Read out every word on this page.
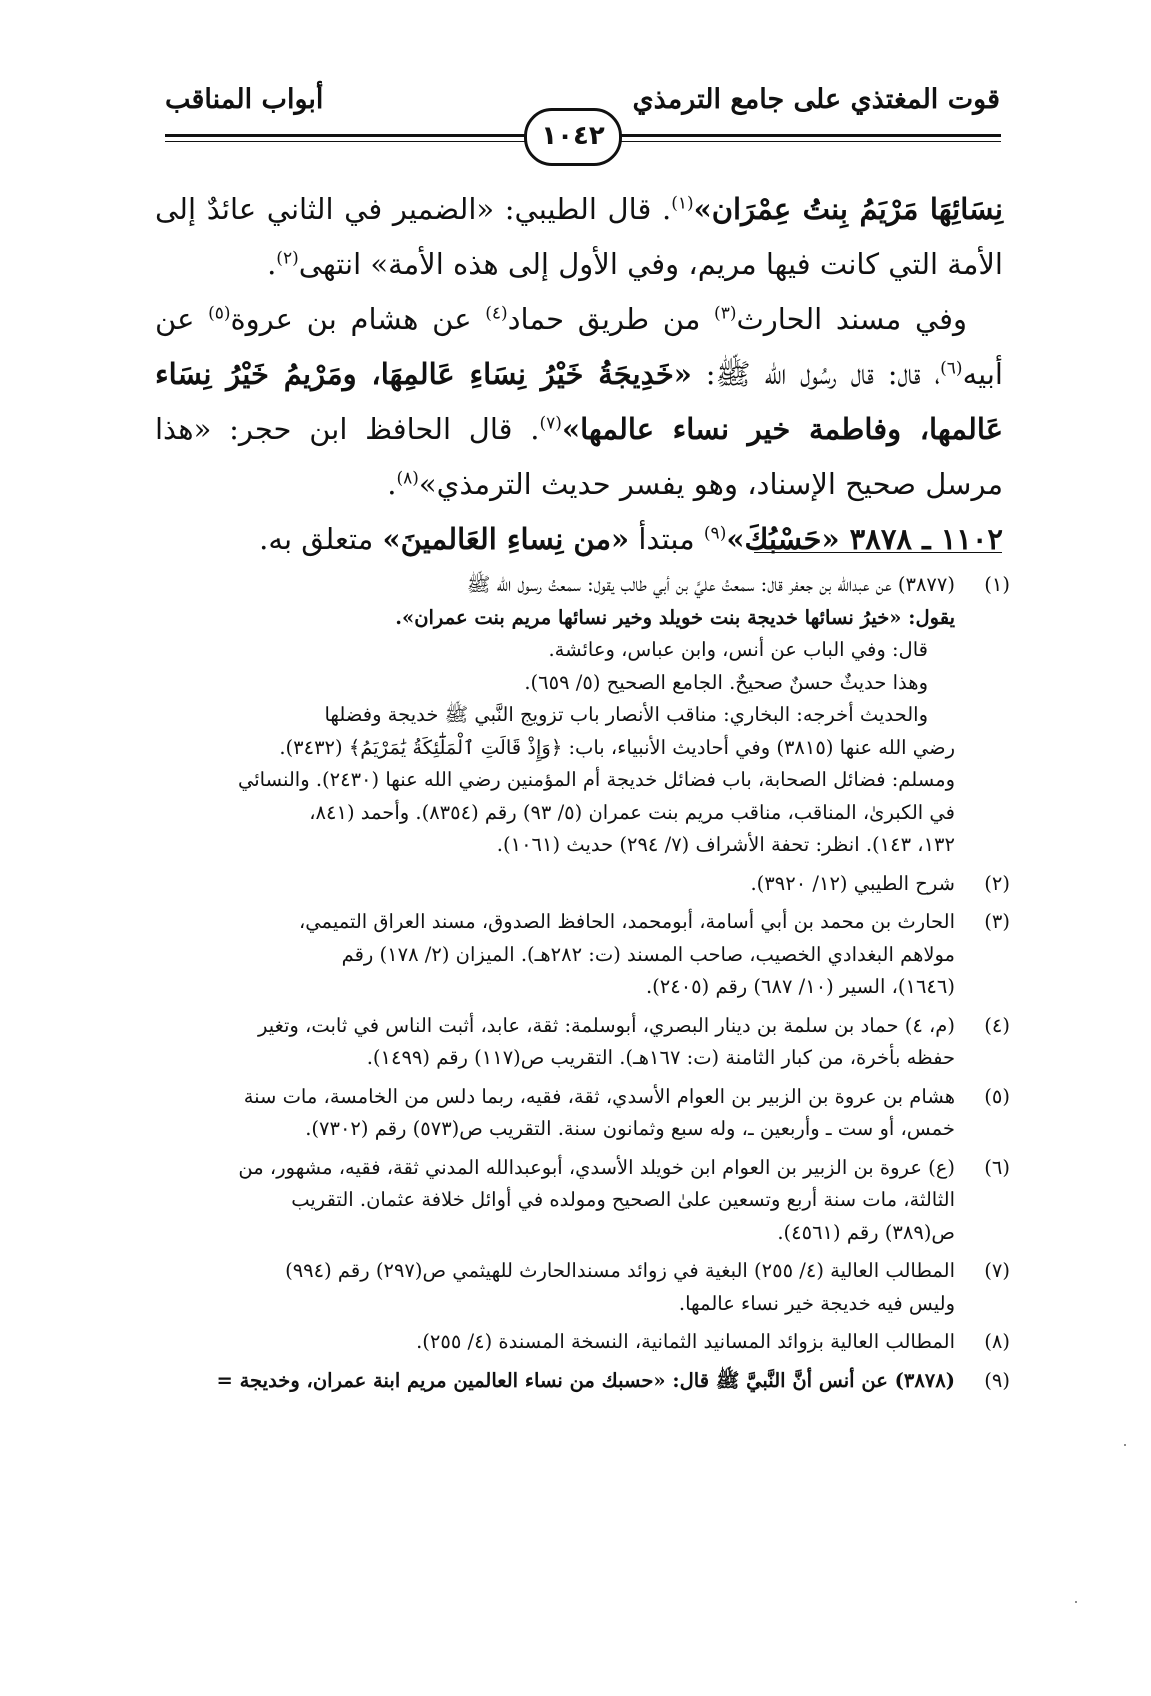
قوت المغتذي على جامع الترمذي
أبواب المناقب
١٠٤٢

نِسَائِهَا مَرْيَمُ بِنتُ عِمْرَان»$^{(١)}$. قال الطيبي: «الضمير في الثاني عائدٌ إلى الأمة التي كانت فيها مريم، وفي الأول إلى هذه الأمة» انتهى$^{(٢)}$.

وفي مسند الحارث$^{(٣)}$ من طريق حماد$^{(٤)}$ عن هشام بن عروة$^{(٥)}$ عن أبيه$^{(٦)}$، قال: قال رسُول الله ﷺ: «خَدِيجَةُ خَيْرُ نِسَاءِ عَالمِهَا، ومَرْيمُ خَيْرُ نِسَاء عَالمها، وفاطمة خير نساء عالمها»$^{(٧)}$. قال الحافظ ابن حجر: «هذا مرسل صحيح الإسناد، وهو يفسر حديث الترمذي»$^{(٨)}$.

١١٠٢ ـ ٣٨٧٨ «حَسْبُكَ»$^{(٩)}$ مبتدأ «من نِساءِ العَالمينَ» متعلق به.

(١)
(٣٨٧٧) عن عبدالله بن جعفر قال: سمعتُ عليَّ بن أبي طالب يقول: سمعتُ رسول الله ﷺ
يقول: «خيرُ نسائها خديجة بنت خويلد وخير نسائها مريم بنت عمران».
قال: وفي الباب عن أنس، وابن عباس، وعائشة.
وهذا حديثٌ حسنٌ صحيحٌ. الجامع الصحيح (٥/ ٦٥٩).
والحديث أخرجه: البخاري: مناقب الأنصار باب تزويج النَّبي ﷺ خديجة وفضلها
رضي الله عنها (٣٨١٥) وفي أحاديث الأنبياء، باب: ﴿وَإِذْ قَالَتِ ٱلْمَلَٰٓئِكَةُ يَٰمَرْيَمُ﴾ (٣٤٣٢).
ومسلم: فضائل الصحابة، باب فضائل خديجة أم المؤمنين رضي الله عنها (٢٤٣٠). والنسائي
في الكبرىٰ، المناقب، مناقب مريم بنت عمران (٥/ ٩٣) رقم (٨٣٥٤). وأحمد (٨٤١،
١٣٢، ١٤٣). انظر: تحفة الأشراف (٧/ ٢٩٤) حديث (١٠٦١).
(٢)
شرح الطيبي (١٢/ ٣٩٢٠).
(٣)
الحارث بن محمد بن أبي أسامة، أبومحمد، الحافظ الصدوق، مسند العراق التميمي،
مولاهم البغدادي الخصيب، صاحب المسند (ت: ٢٨٢هـ). الميزان (٢/ ١٧٨) رقم
(١٦٤٦)، السير (١٠/ ٦٨٧) رقم (٢٤٠٥).
(٤)
(م، ٤) حماد بن سلمة بن دينار البصري، أبوسلمة: ثقة، عابد، أثبت الناس في ثابت، وتغير
حفظه بأخرة، من كبار الثامنة (ت: ١٦٧هـ). التقريب ص(١١٧) رقم (١٤٩٩).
(٥)
هشام بن عروة بن الزبير بن العوام الأسدي، ثقة، فقيه، ربما دلس من الخامسة، مات سنة
خمس، أو ست ـ وأربعين ـ، وله سبع وثمانون سنة. التقريب ص(٥٧٣) رقم (٧٣٠٢).
(٦)
(ع) عروة بن الزبير بن العوام ابن خويلد الأسدي، أبوعبدالله المدني ثقة، فقيه، مشهور، من
الثالثة، مات سنة أربع وتسعين علىٰ الصحيح ومولده في أوائل خلافة عثمان. التقريب
ص(٣٨٩) رقم (٤٥٦١).
(٧)
المطالب العالية (٤/ ٢٥٥) البغية في زوائد مسندالحارث للهيثمي ص(٢٩٧) رقم (٩٩٤)
وليس فيه خديجة خير نساء عالمها.
(٨)
المطالب العالية بزوائد المسانيد الثمانية، النسخة المسندة (٤/ ٢٥٥).
(٩)
(٣٨٧٨) عن أنس أنَّ النَّبيَّ ﷺ قال: «حسبك من نساء العالمين مريم ابنة عمران، وخديجة =
